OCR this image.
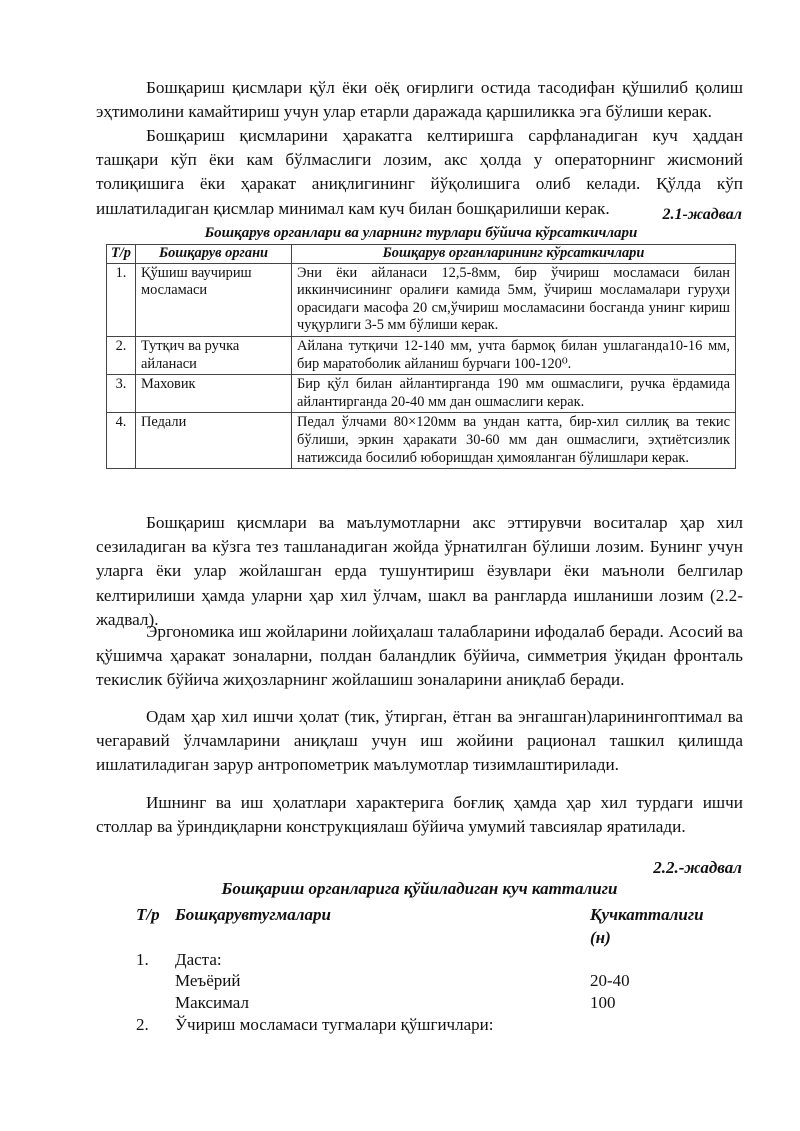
Бошқариш қисмлари қўл ёки оёқ оғирлиги остида тасодифан қўшилиб қолиш эҳтимолини камайтириш учун улар етарли даражада қаршиликка эга бўлиши керак.

Бошқариш қисмларини ҳаракатга келтиришга сарфланадиган куч ҳаддан ташқари кўп ёки кам бўлмаслиги лозим, акс ҳолда у операторнинг жисмоний толиқишига ёки ҳаракат аниқлигининг йўқолишига олиб келади. Қўлда кўп ишлатиладиган қисмлар минимал кам куч билан бошқарилиши керак.	2.1-жадвал
Бошқарув органлари ва уларнинг турлари бўйича кўрсаткичлари
Т/р	Бошқарув органи	Бошқарув органларининг кўрсаткичлари
1.	Қўшиш ваучириш мосламаси	Эни ёки айланаси 12,5-8мм, бир ўчириш мосламаси билан иккинчисининг оралиғи камида 5мм, ўчириш мосламалари гуруҳи орасидаги масофа 20 см,ўчириш мосламасини босганда унинг кириш чуқурлиги 3-5 мм бўлиши керак.
2.	Тутқич ва ручка айланаси	Айлана тутқичи 12-140 мм, учта бармоқ билан ушлаганда10-16 мм, бир маратоболик айланиш бурчаги 100-120⁰.
3.	Маховик	Бир қўл билан айлантирганда 190 мм ошмаслиги, ручка ёрдамида айлантирганда 20-40 мм дан ошмаслиги керак.
4.	Педали	Педал ўлчами 80×120мм ва ундан катта, бир-хил силлиқ ва текис бўлиши, эркин ҳаракати 30-60 мм дан ошмаслиги, эҳтиётсизлик натижсида босилиб юборишдан ҳимояланган бўлишлари керак.

Бошқариш қисмлари ва маълумотларни акс эттирувчи воситалар ҳар хил сезиладиган ва кўзга тез ташланадиган жойда ўрнатилган бўлиши лозим. Бунинг учун уларга ёки улар жойлашган ерда тушунтириш ёзувлари ёки маъноли белгилар келтирилиши ҳамда уларни ҳар хил ўлчам, шакл ва рангларда ишланиши лозим (2.2-жадвал).

Эргономика иш жойларини лойиҳалаш талабларини ифодалаб беради. Асосий ва қўшимча ҳаракат зоналарни, полдан баландлик бўйича, симметрия ўқидан фронталь текислик бўйича жиҳозларнинг жойлашиш зоналарини аниқлаб беради.

Одам ҳар хил ишчи ҳолат (тик, ўтирган, ётган ва энгашган)ларинингоптимал ва чегаравий ўлчамларини аниқлаш учун иш жойини рационал ташкил қилишда ишлатиладиган зарур антропометрик маълумотлар тизимлаштирилади.

Ишнинг ва иш ҳолатлари характерига боғлиқ ҳамда ҳар хил турдаги ишчи столлар ва ўриндиқларни конструкциялаш бўйича умумий тавсиялар яратилади.

2.2.-жадвал
Бошқариш органларига қўйиладиган куч катталиги
Т/р Бошқарувтугмалари	Қучкатталиги
(н)
1. Даста:
Меъёрий	20-40
Максимал	100
2. Ўчириш мосламаси тугмалари қўшгичлари:
